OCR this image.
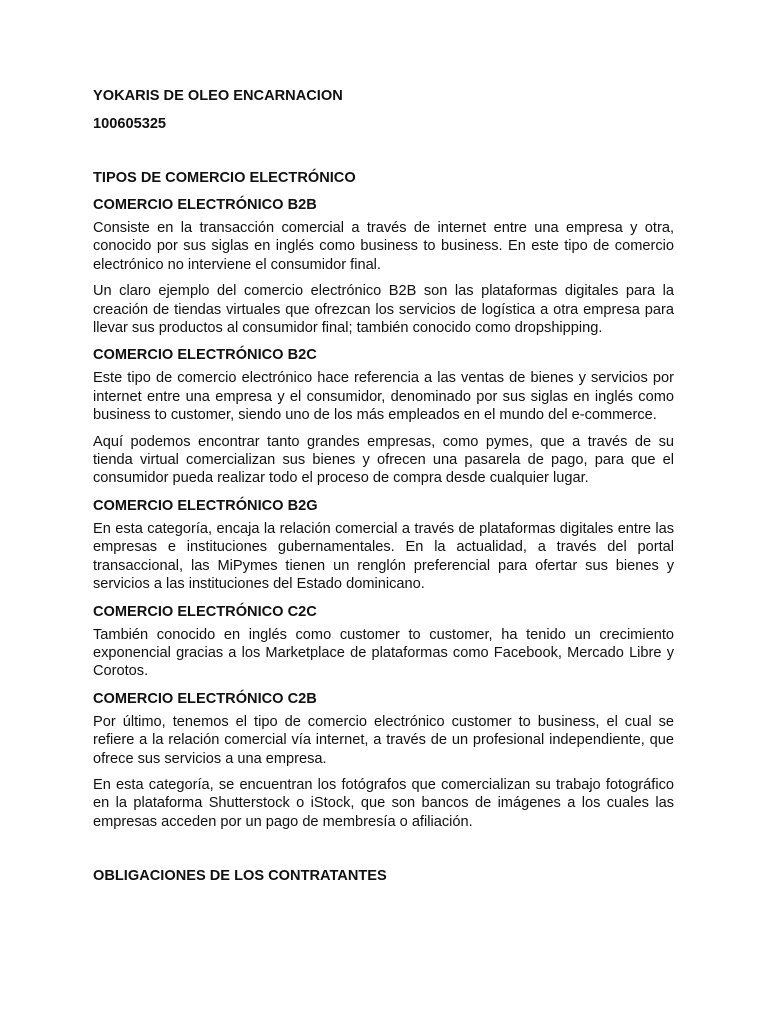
YOKARIS DE OLEO ENCARNACION

100605325

TIPOS DE COMERCIO ELECTRÓNICO

COMERCIO ELECTRÓNICO B2B

Consiste en la transacción comercial a través de internet entre una empresa y otra, conocido por sus siglas en inglés como business to business. En este tipo de comercio electrónico no interviene el consumidor final.

Un claro ejemplo del comercio electrónico B2B son las plataformas digitales para la creación de tiendas virtuales que ofrezcan los servicios de logística a otra empresa para llevar sus productos al consumidor final; también conocido como dropshipping.

COMERCIO ELECTRÓNICO B2C

Este tipo de comercio electrónico hace referencia a las ventas de bienes y servicios por internet entre una empresa y el consumidor, denominado por sus siglas en inglés como business to customer, siendo uno de los más empleados en el mundo del e-commerce.

Aquí podemos encontrar tanto grandes empresas, como pymes, que a través de su tienda virtual comercializan sus bienes y ofrecen una pasarela de pago, para que el consumidor pueda realizar todo el proceso de compra desde cualquier lugar.

COMERCIO ELECTRÓNICO B2G

En esta categoría, encaja la relación comercial a través de plataformas digitales entre las empresas e instituciones gubernamentales. En la actualidad, a través del portal transaccional, las MiPymes tienen un renglón preferencial para ofertar sus bienes y servicios a las instituciones del Estado dominicano.

COMERCIO ELECTRÓNICO C2C

También conocido en inglés como customer to customer, ha tenido un crecimiento exponencial gracias a los Marketplace de plataformas como Facebook, Mercado Libre y Corotos.

COMERCIO ELECTRÓNICO C2B

Por último, tenemos el tipo de comercio electrónico customer to business, el cual se refiere a la relación comercial vía internet, a través de un profesional independiente, que ofrece sus servicios a una empresa.

En esta categoría, se encuentran los fotógrafos que comercializan su trabajo fotográfico en la plataforma Shutterstock o iStock, que son bancos de imágenes a los cuales las empresas acceden por un pago de membresía o afiliación.

OBLIGACIONES DE LOS CONTRATANTES
